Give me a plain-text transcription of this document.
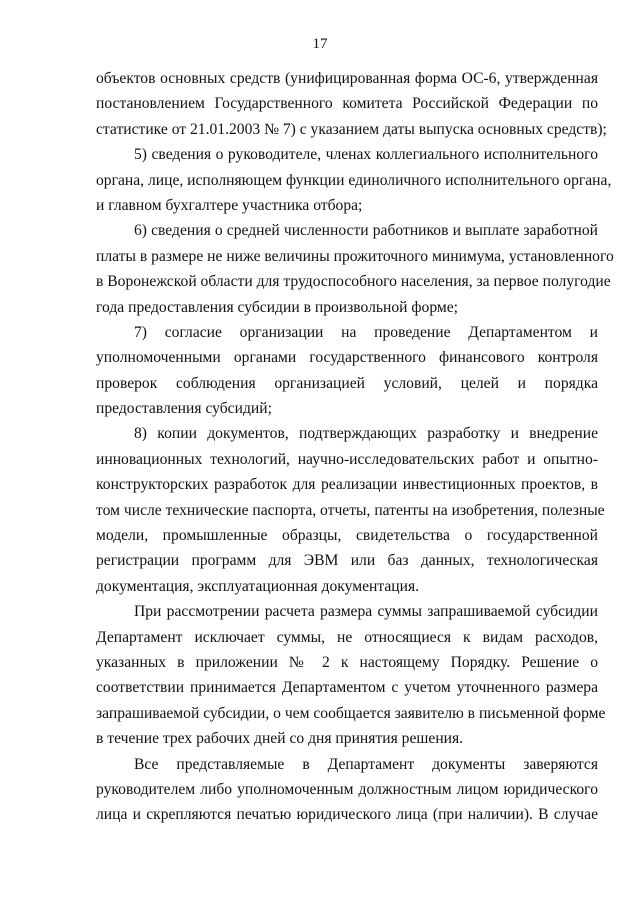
17
объектов основных средств (унифицированная форма ОС-6, утвержденная
постановлением Государственного комитета Российской Федерации по
статистике от 21.01.2003 № 7) с указанием даты выпуска основных средств);
5) сведения о руководителе, членах коллегиального исполнительного
органа, лице, исполняющем функции единоличного исполнительного органа,
и главном бухгалтере участника отбора;
6) сведения о средней численности работников и выплате заработной
платы в размере не ниже величины прожиточного минимума, установленного
в Воронежской области для трудоспособного населения, за первое полугодие
года предоставления субсидии в произвольной форме;
7) согласие организации на проведение Департаментом и
уполномоченными органами государственного финансового контроля
проверок соблюдения организацией условий, целей и порядка
предоставления субсидий;
8) копии документов, подтверждающих разработку и внедрение
инновационных технологий, научно-исследовательских работ и опытно-
конструкторских разработок для реализации инвестиционных проектов, в
том числе технические паспорта, отчеты, патенты на изобретения, полезные
модели, промышленные образцы, свидетельства о государственной
регистрации программ для ЭВМ или баз данных, технологическая
документация, эксплуатационная документация.
При рассмотрении расчета размера суммы запрашиваемой субсидии
Департамент исключает суммы, не относящиеся к видам расходов,
указанных в приложении № 2 к настоящему Порядку. Решение о
соответствии принимается Департаментом с учетом уточненного размера
запрашиваемой субсидии, о чем сообщается заявителю в письменной форме
в течение трех рабочих дней со дня принятия решения.
Все представляемые в Департамент документы заверяются
руководителем либо уполномоченным должностным лицом юридического
лица и скрепляются печатью юридического лица (при наличии). В случае
